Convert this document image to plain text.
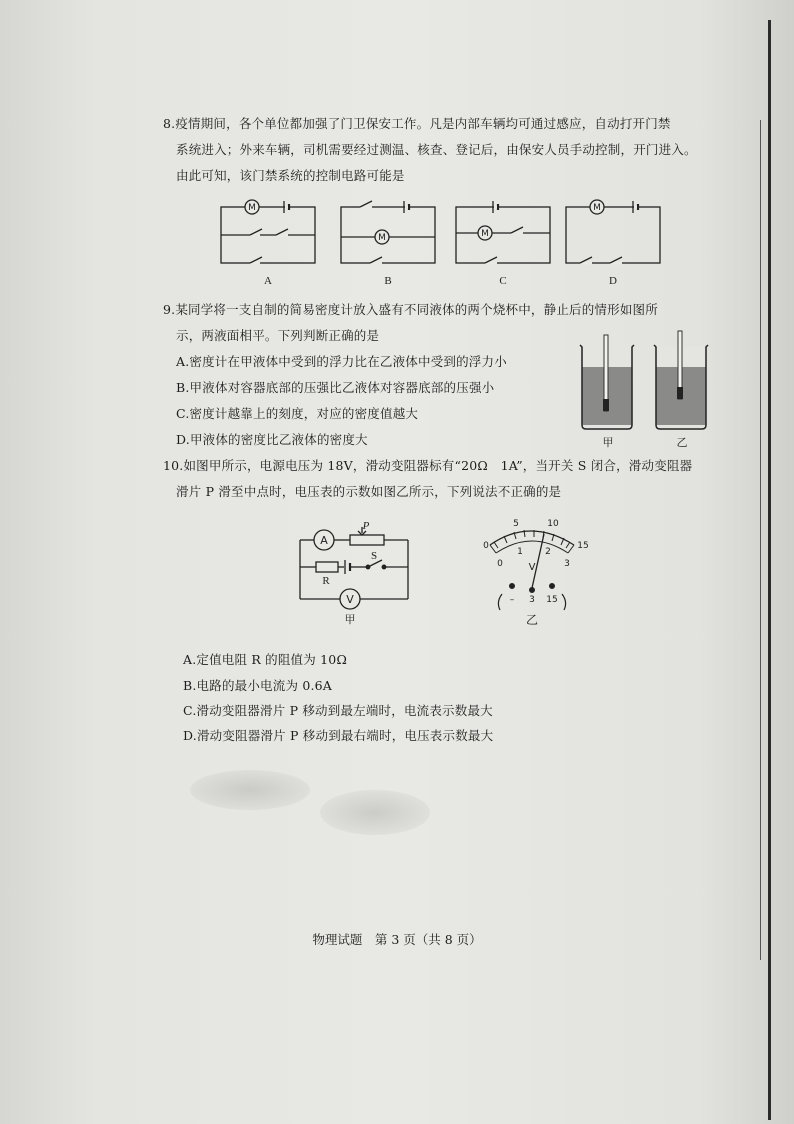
8.疫情期间，各个单位都加强了门卫保安工作。凡是内部车辆均可通过感应，自动打开门禁
系统进入；外来车辆，司机需要经过测温、核查、登记后，由保安人员手动控制，开门进入。
由此可知，该门禁系统的控制电路可能是
M
M	M
M
A	B	C	D
9.某同学将一支自制的简易密度计放入盛有不同液体的两个烧杯中，静止后的情形如图所
示，两液面相平。下列判断正确的是
A.密度计在甲液体中受到的浮力比在乙液体中受到的浮力小
B.甲液体对容器底部的压强比乙液体对容器底部的压强小
C.密度计越靠上的刻度，对应的密度值越大
D.甲液体的密度比乙液体的密度大	甲	乙
10.如图甲所示，电源电压为 18V，滑动变阻器标有“20Ω　1A”，当开关 S 闭合，滑动变阻器
滑片 P 滑至中点时，电压表的示数如图乙所示，下列说法不正确的是
A
V
P
S
R
甲
0
5	10
15
0
1 2
3
V
– 3 15
乙
A.定值电阻 R 的阻值为 10Ω
B.电路的最小电流为 0.6A
C.滑动变阻器滑片 P 移动到最左端时，电流表示数最大
D.滑动变阻器滑片 P 移动到最右端时，电压表示数最大
物理试题　第 3 页（共 8 页）
